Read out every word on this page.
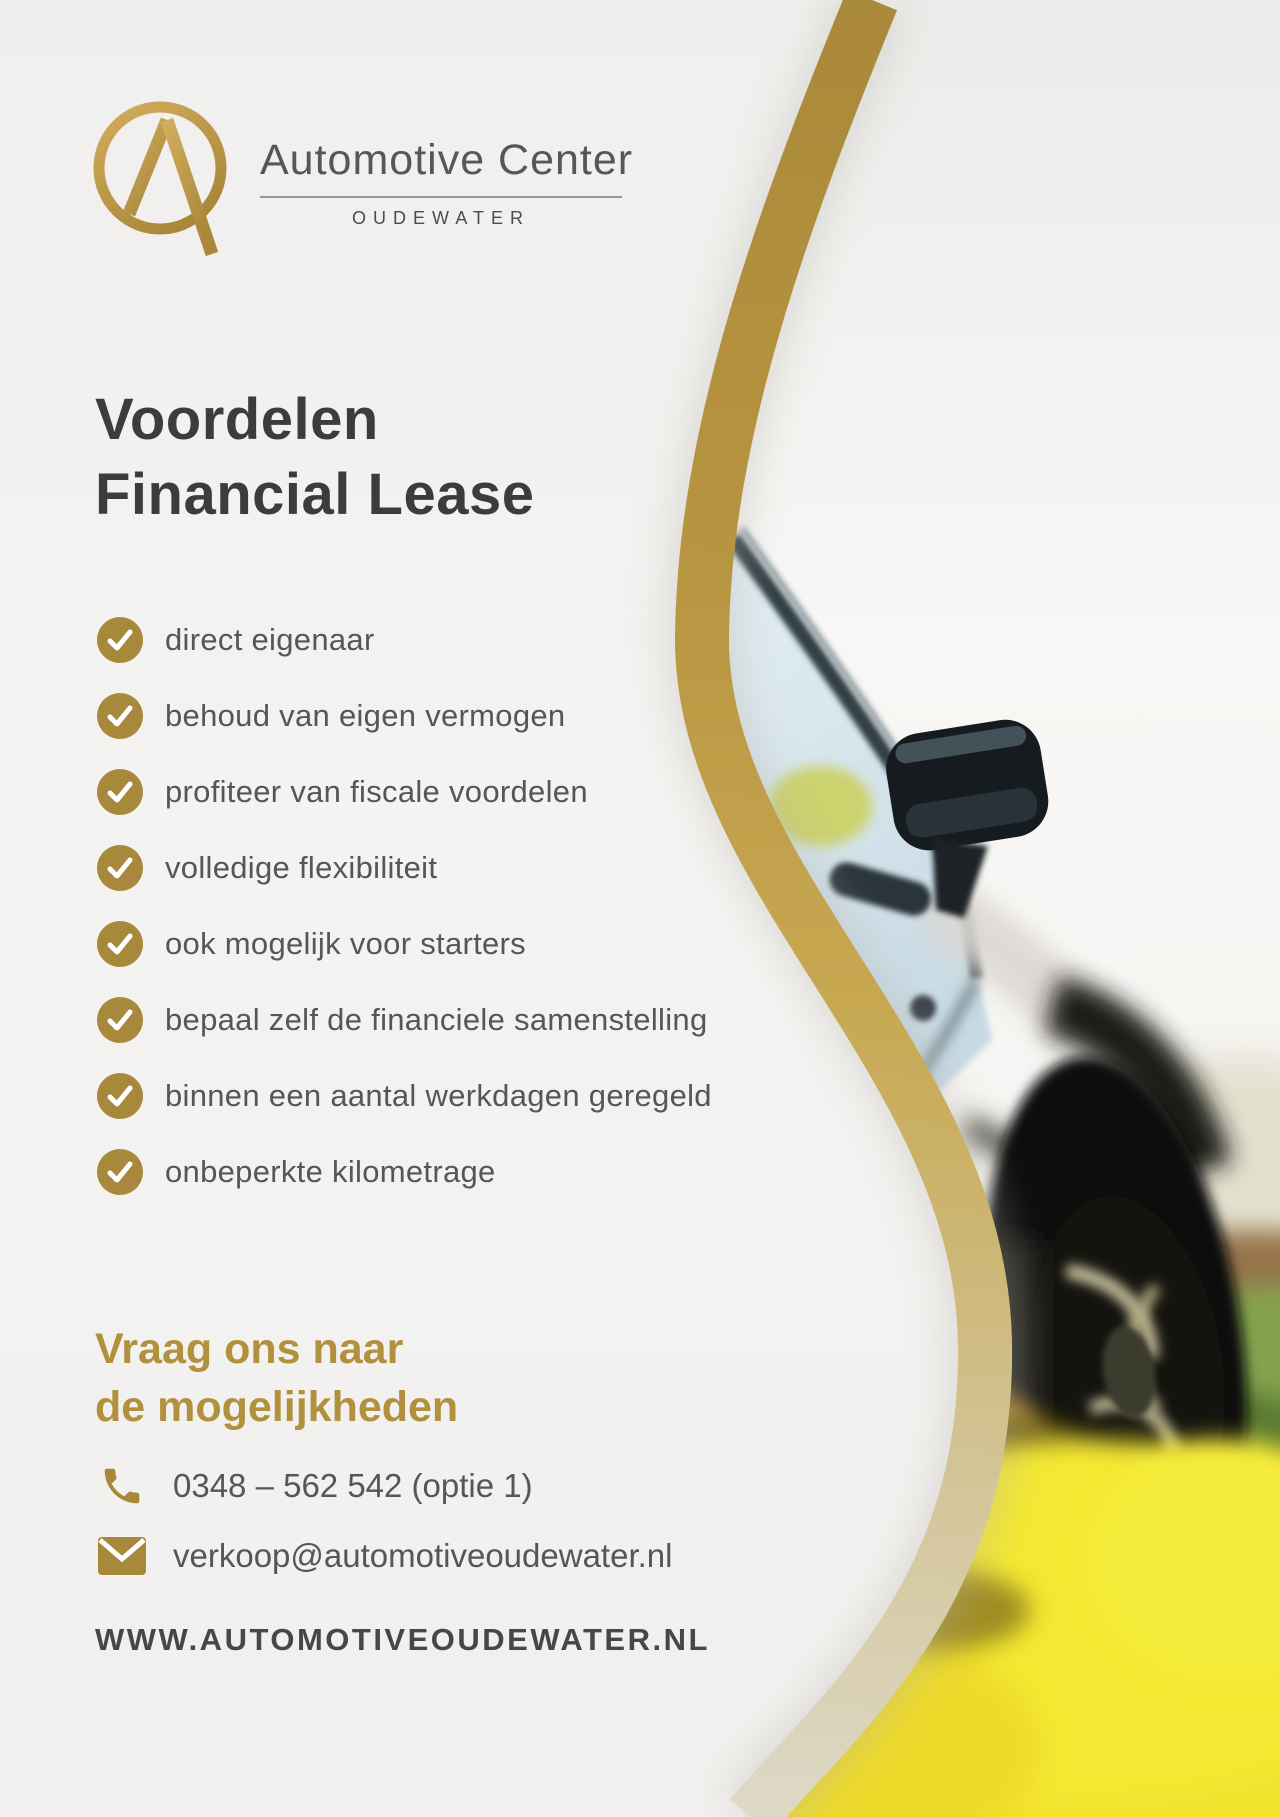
Automotive Center
OUDEWATER
Voordelen
Financial Lease
direct eigenaar
behoud van eigen vermogen
profiteer van fiscale voordelen
volledige flexibiliteit
ook mogelijk voor starters
bepaal zelf de financiele samenstelling
binnen een aantal werkdagen geregeld
onbeperkte kilometrage
Vraag ons naar
de mogelijkheden
0348 – 562 542 (optie 1)
verkoop@automotiveoudewater.nl
WWW.AUTOMOTIVEOUDEWATER.NL
